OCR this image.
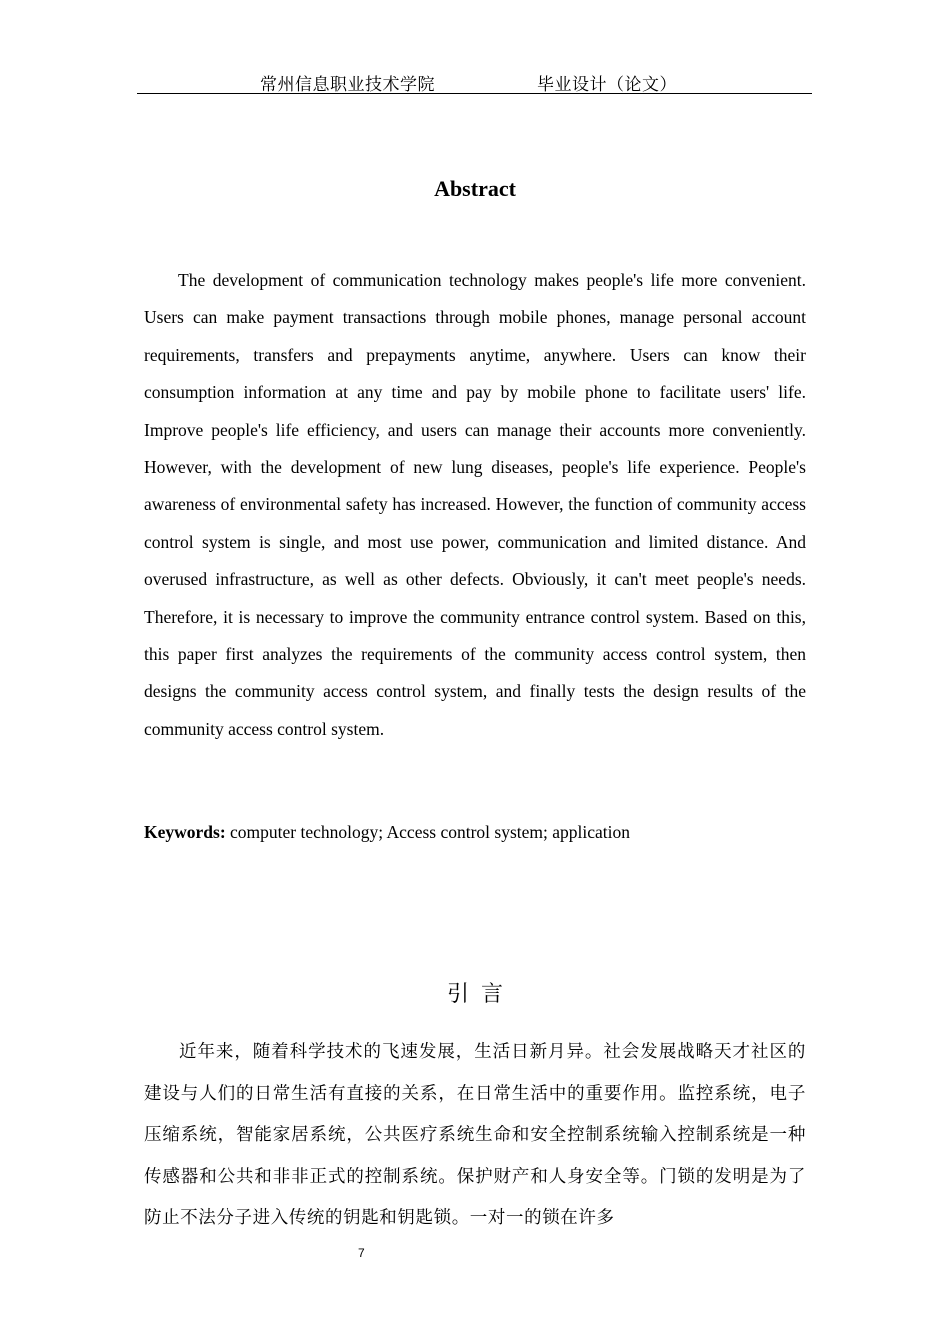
常州信息职业技术学院	毕业设计（论文）
Abstract

The development of communication technology makes people's life more convenient. Users can make payment transactions through mobile phones, manage personal account requirements, transfers and prepayments anytime, anywhere. Users can know their consumption information at any time and pay by mobile phone to facilitate users' life. Improve people's life efficiency, and users can manage their accounts more conveniently. However, with the development of new lung diseases, people's life experience. People's awareness of environmental safety has increased. However, the function of community access control system is single, and most use power, communication and limited distance. And overused infrastructure, as well as other defects. Obviously, it can't meet people's needs. Therefore, it is necessary to improve the community entrance control system. Based on this, this paper first analyzes the requirements of the community access control system, then designs the community access control system, and finally tests the design results of the community access control system.

Keywords: computer technology; Access control system; application
引言

近年来，随着科学技术的飞速发展，生活日新月异。社会发展战略天才社区的建设与人们的日常生活有直接的关系，在日常生活中的重要作用。监控系统，电子压缩系统，智能家居系统，公共医疗系统生命和安全控制系统输入控制系统是一种传感器和公共和非非正式的控制系统。保护财产和人身安全等。门锁的发明是为了防止不法分子进入传统的钥匙和钥匙锁。一对一的锁在许多

7
